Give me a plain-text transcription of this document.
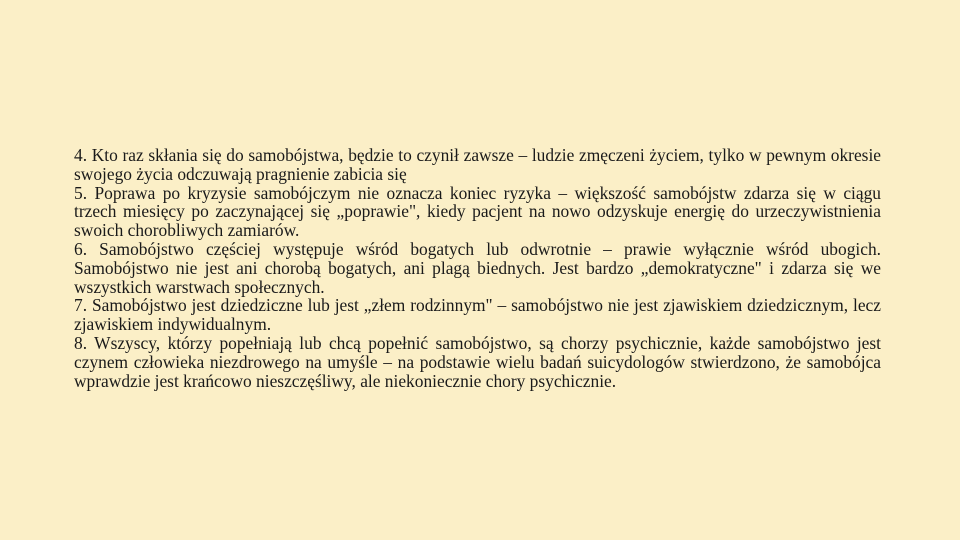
4. Kto raz skłania się do samobójstwa, będzie to czynił zawsze – ludzie zmęczeni życiem, tylko w pewnym okresie swojego życia odczuwają pragnienie zabicia się

5. Poprawa po kryzysie samobójczym nie oznacza koniec ryzyka – większość samobójstw zdarza się w ciągu trzech miesięcy po zaczynającej się „poprawie", kiedy pacjent na nowo odzyskuje energię do urzeczywistnienia swoich chorobliwych zamiarów.

6. Samobójstwo częściej występuje wśród bogatych lub odwrotnie – prawie wyłącznie wśród ubogich. Samobójstwo nie jest ani chorobą bogatych, ani plagą biednych. Jest bardzo „demokratyczne" i zdarza się we wszystkich warstwach społecznych.

7. Samobójstwo jest dziedziczne lub jest „złem rodzinnym" – samobójstwo nie jest zjawiskiem dziedzicznym, lecz zjawiskiem indywidualnym.

8. Wszyscy, którzy popełniają lub chcą popełnić samobójstwo, są chorzy psychicznie, każde samobójstwo jest czynem człowieka niezdrowego na umyśle – na podstawie wielu badań suicydologów stwierdzono, że samobójca wprawdzie jest krańcowo nieszczęśliwy, ale niekoniecznie chory psychicznie.
